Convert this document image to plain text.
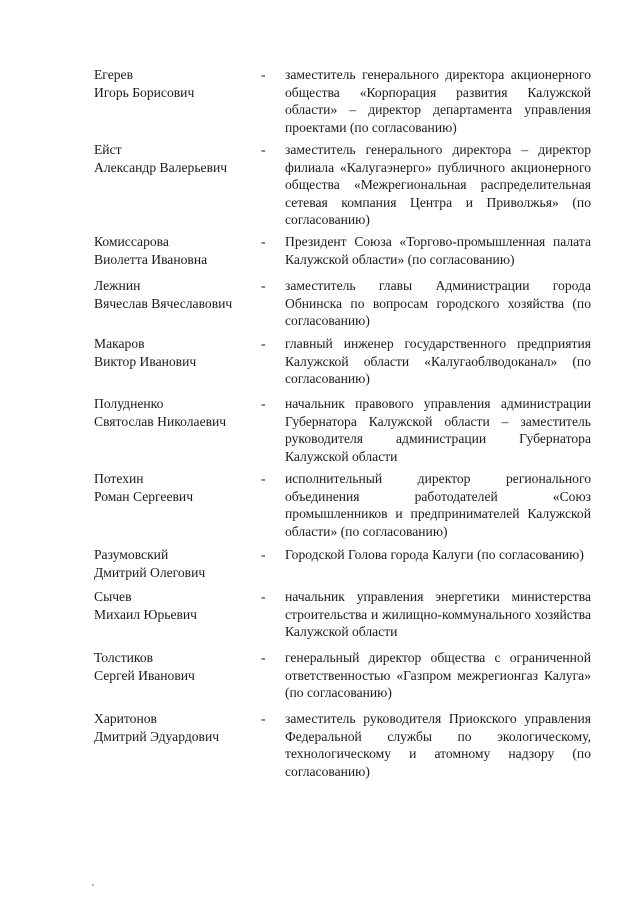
Егерев
Игорь Борисович
- заместитель генерального директора акционерного общества «Корпорация развития Калужской области» – директор департамента управления проектами (по согласованию)
Ейст
Александр Валерьевич
- заместитель генерального директора – директор филиала «Калугаэнерго» публичного акционерного общества «Межрегиональная распределительная сетевая компания Центра и Приволжья» (по согласованию)
Комиссарова
Виолетта Ивановна
- Президент Союза «Торгово-промышленная палата Калужской области» (по согласованию)
Лежнин
Вячеслав Вячеславович
- заместитель главы Администрации города Обнинска по вопросам городского хозяйства (по согласованию)
Макаров
Виктор Иванович
- главный инженер государственного предприятия Калужской области «Калугаоблводоканал» (по согласованию)
Полудненко
Святослав Николаевич
- начальник правового управления администрации Губернатора Калужской области – заместитель руководителя администрации Губернатора Калужской области
Потехин
Роман Сергеевич
- исполнительный директор регионального объединения работодателей «Союз промышленников и предпринимателей Калужской области» (по согласованию)
Разумовский
Дмитрий Олегович
- Городской Голова города Калуги (по согласованию)
Сычев
Михаил Юрьевич
- начальник управления энергетики министерства строительства и жилищно-коммунального хозяйства Калужской области
Толстиков
Сергей Иванович
- генеральный директор общества с ограниченной ответственностью «Газпром межрегионгаз Калуга» (по согласованию)
Харитонов
Дмитрий Эдуардович
- заместитель руководителя Приокского управления Федеральной службы по экологическому, технологическому и атомному надзору (по согласованию)
